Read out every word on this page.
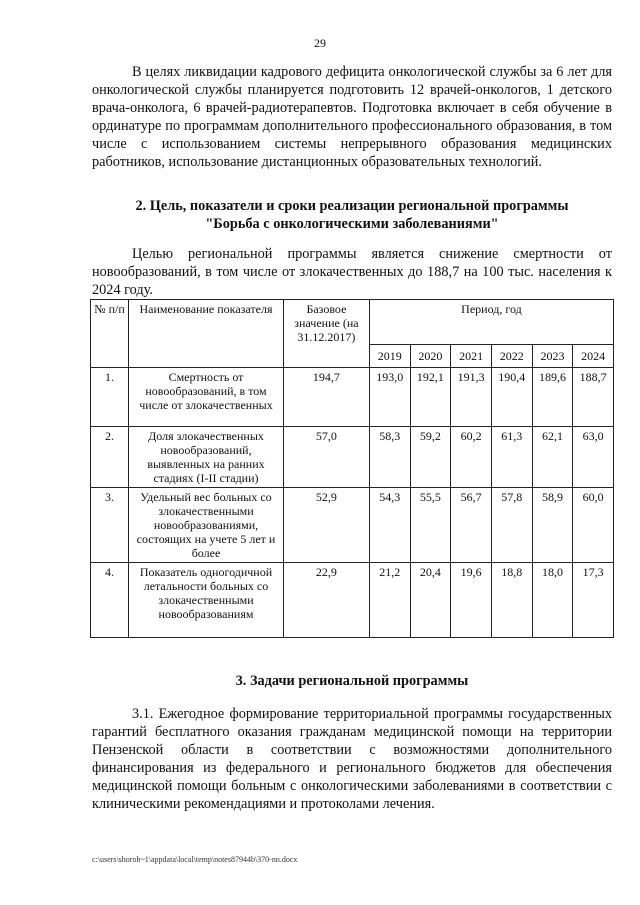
29

В целях ликвидации кадрового дефицита онкологической службы за 6 лет для онкологической службы планируется подготовить 12 врачей-онкологов, 1 детского врача-онколога, 6 врачей-радиотерапевтов. Подготовка включает в себя обучение в ординатуре по программам дополнительного профессионального образования, в том числе с использованием системы непрерывного образования медицинских работников, использование дистанционных образовательных технологий.

2. Цель, показатели и сроки реализации региональной программы
"Борьба с онкологическими заболеваниями"

Целью региональной программы является снижение смертности от новообразований, в том числе от злокачественных до 188,7 на 100 тыс. населения к 2024 году.

№ п/п	Наименование показателя	Базовое значение (на 31.12.2017)	Период, год					
			2019	2020	2021	2022	2023	2024
1.	Смертность от новообразований, в том числе от злокачественных	194,7	193,0	192,1	191,3	190,4	189,6	188,7
2.	Доля злокачественных новообразований, выявленных на ранних стадиях (I-II стадии)	57,0	58,3	59,2	60,2	61,3	62,1	63,0
3.	Удельный вес больных со злокачественными новообразованиями, состоящих на учете 5 лет и более	52,9	54,3	55,5	56,7	57,8	58,9	60,0
4.	Показатель одногодичной летальности больных со злокачественными новообразованиям	22,9	21,2	20,4	19,6	18,8	18,0	17,3
3. Задачи региональной программы

3.1. Ежегодное формирование территориальной программы государственных гарантий бесплатного оказания гражданам медицинской помощи на территории Пензенской области в соответствии с возможностями дополнительного финансирования из федерального и регионального бюджетов для обеспечения медицинской помощи больным с онкологическими заболеваниями в соответствии с клиническими рекомендациями и протоколами лечения.

c:\users\shoroh~1\appdata\local\temp\notes87944b\370-nn.docx
